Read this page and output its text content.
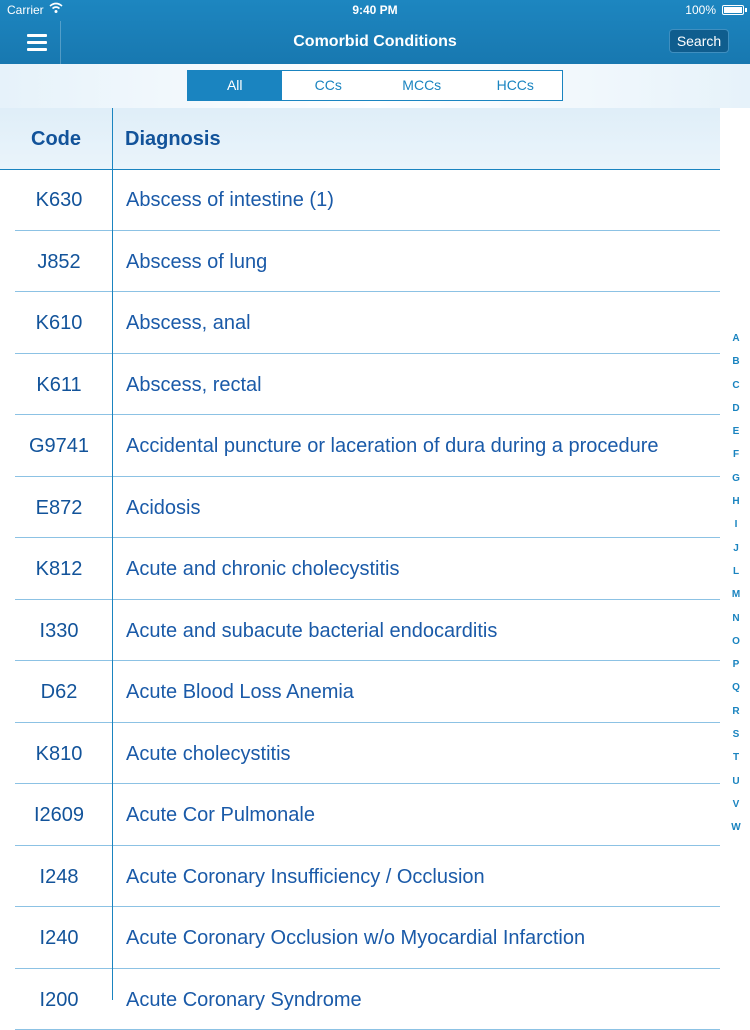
Carrier	9:40 PM	100%
Comorbid Conditions	Search
All	CCs	MCCs	HCCs
Code	Diagnosis
K630	Abscess of intestine (1)
J852	Abscess of lung
K610	Abscess, anal
K611	Abscess, rectal
G9741	Accidental puncture or laceration of dura during a procedure
E872	Acidosis
K812	Acute and chronic cholecystitis
I330	Acute and subacute bacterial endocarditis
D62	Acute Blood Loss Anemia
K810	Acute cholecystitis
I2609	Acute Cor Pulmonale
I248	Acute Coronary Insufficiency / Occlusion
I240	Acute Coronary Occlusion w/o Myocardial Infarction
I200	Acute Coronary Syndrome
A
B
C
D
E
F
G
H
I
J
L
M
N
O
P
Q
R
S
T
U
V
W
